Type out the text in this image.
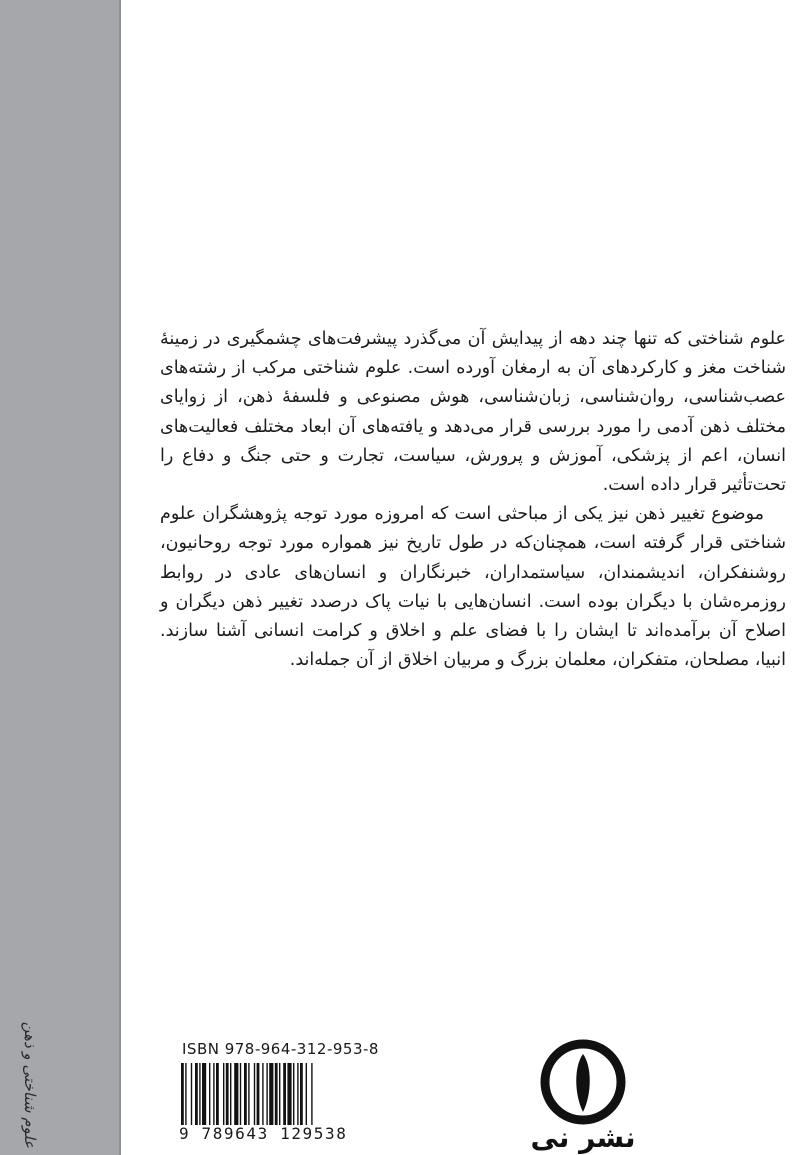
علوم شناختی و ذهن

علوم شناختی که تنها چند دهه از پیدایش آن می‌گذرد پیشرفت‌های چشمگیری در زمینهٔ شناخت مغز و کارکردهای آن به ارمغان آورده است. علوم شناختی مرکب از رشته‌های عصب‌شناسی، روان‌شناسی، زبان‌شناسی، هوش مصنوعی و فلسفهٔ ذهن، از زوایای مختلف ذهن آدمی را مورد بررسی قرار می‌دهد و یافته‌های آن ابعاد مختلف فعالیت‌های انسان، اعم از پزشکی، آموزش و پرورش، سیاست، تجارت و حتی جنگ و دفاع را تحت‌تأثیر قرار داده است.

موضوع تغییر ذهن نیز یکی از مباحثی است که امروزه مورد توجه پژوهشگران علوم شناختی قرار گرفته است، همچنان‌که در طول تاریخ نیز همواره مورد توجه روحانیون، روشنفکران، اندیشمندان، سیاستمداران، خبرنگاران و انسان‌های عادی در روابط روزمره‌شان با دیگران بوده است. انسان‌هایی با نیات پاک درصدد تغییر ذهن دیگران و اصلاح آن برآمده‌اند تا ایشان را با فضای علم و اخلاق و کرامت انسانی آشنا سازند. انبیا، مصلحان، متفکران، معلمان بزرگ و مربیان اخلاق از آن جمله‌اند.

ISBN 978-964-312-953-8
9 789643 129538	نشر نی
